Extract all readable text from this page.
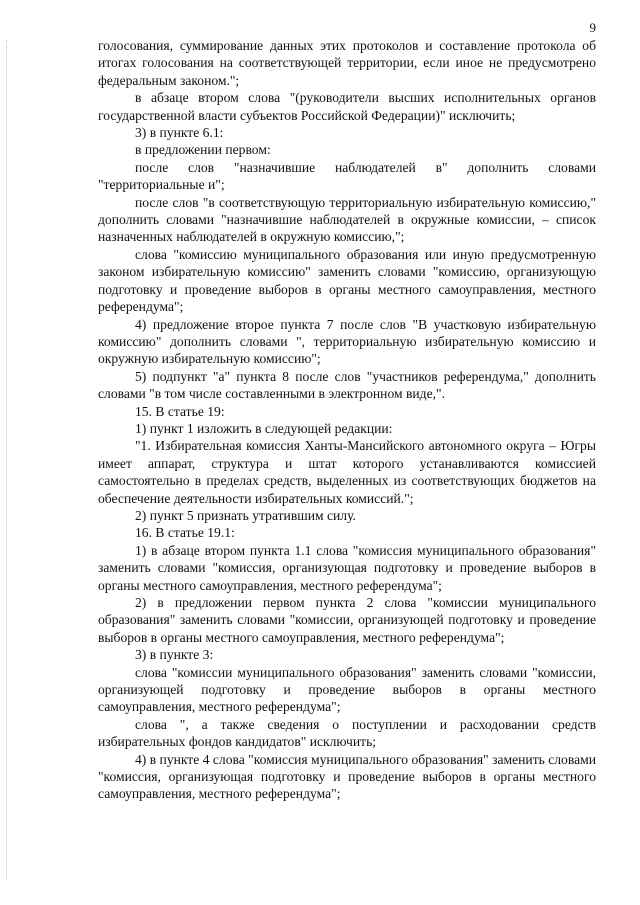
9

голосования, суммирование данных этих протоколов и составление протокола об итогах голосования на соответствующей территории, если иное не предусмотрено федеральным законом.";

в абзаце втором слова "(руководители высших исполнительных органов государственной власти субъектов Российской Федерации)" исключить;

3) в пункте 6.1:

в предложении первом:

после слов "назначившие наблюдателей в" дополнить словами "территориальные и";

после слов "в соответствующую территориальную избирательную комиссию," дополнить словами "назначившие наблюдателей в окружные комиссии, – список назначенных наблюдателей в окружную комиссию,";

слова "комиссию муниципального образования или иную предусмотренную законом избирательную комиссию" заменить словами "комиссию, организующую подготовку и проведение выборов в органы местного самоуправления, местного референдума";

4) предложение второе пункта 7 после слов "В участковую избирательную комиссию" дополнить словами ", территориальную избирательную комиссию и окружную избирательную комиссию";

5) подпункт "а" пункта 8 после слов "участников референдума," дополнить словами "в том числе составленными в электронном виде,".

15. В статье 19:

1) пункт 1 изложить в следующей редакции:

"1. Избирательная комиссия Ханты-Мансийского автономного округа – Югры имеет аппарат, структура и штат которого устанавливаются комиссией самостоятельно в пределах средств, выделенных из соответствующих бюджетов на обеспечение деятельности избирательных комиссий.";

2) пункт 5 признать утратившим силу.

16. В статье 19.1:

1) в абзаце втором пункта 1.1 слова "комиссия муниципального образования" заменить словами "комиссия, организующая подготовку и проведение выборов в органы местного самоуправления, местного референдума";

2) в предложении первом пункта 2 слова "комиссии муниципального образования" заменить словами "комиссии, организующей подготовку и проведение выборов в органы местного самоуправления, местного референдума";

3) в пункте 3:

слова "комиссии муниципального образования" заменить словами "комиссии, организующей подготовку и проведение выборов в органы местного самоуправления, местного референдума";

слова ", а также сведения о поступлении и расходовании средств избирательных фондов кандидатов" исключить;

4) в пункте 4 слова "комиссия муниципального образования" заменить словами "комиссия, организующая подготовку и проведение выборов в органы местного самоуправления, местного референдума";
